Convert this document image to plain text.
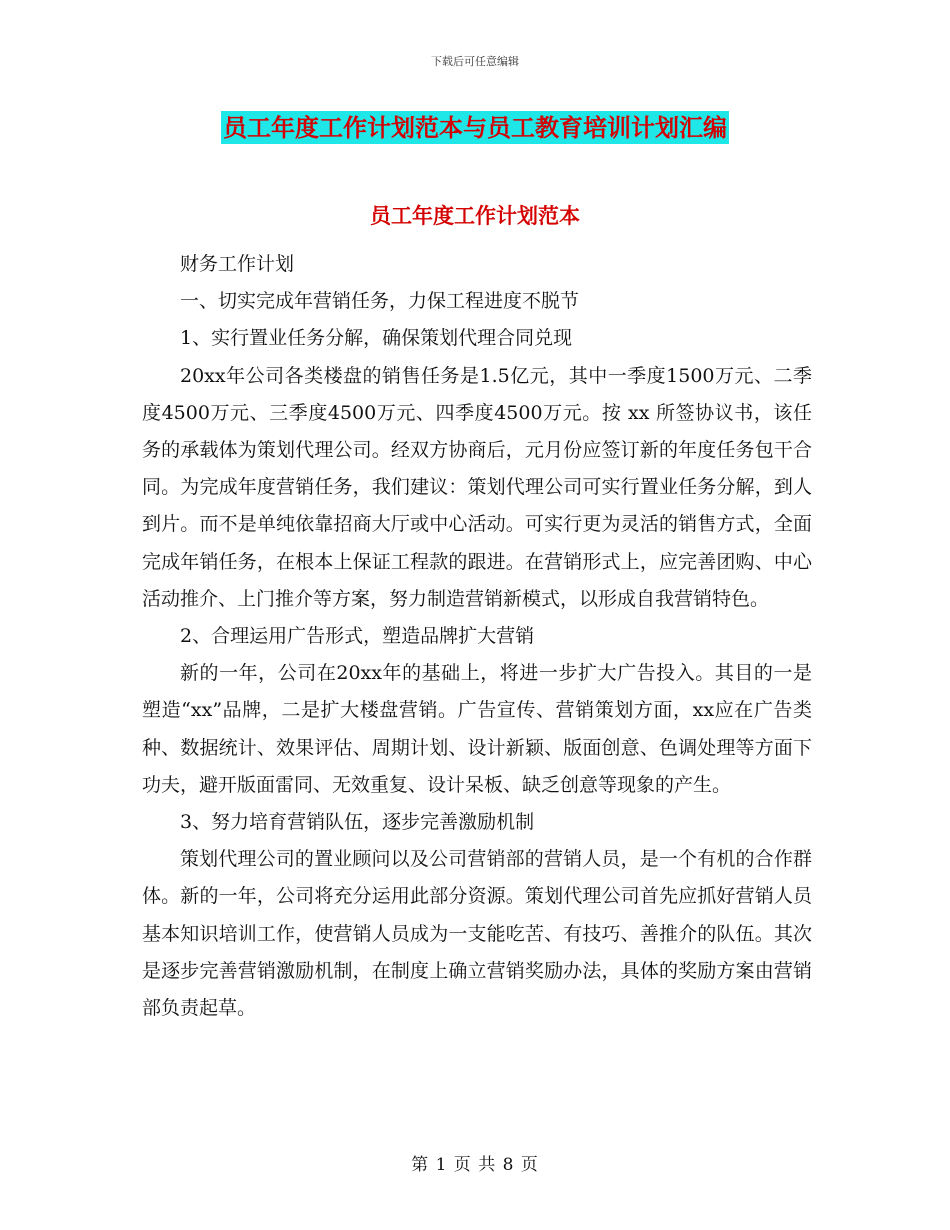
下载后可任意编辑
员工年度工作计划范本与员工教育培训计划汇编
员工年度工作计划范本

财务工作计划

一、切实完成年营销任务，力保工程进度不脱节

1、实行置业任务分解，确保策划代理合同兑现

20xx年公司各类楼盘的销售任务是1.5亿元，其中一季度1500万元、二季度4500万元、三季度4500万元、四季度4500万元。按 xx 所签协议书，该任务的承载体为策划代理公司。经双方协商后，元月份应签订新的年度任务包干合同。为完成年度营销任务，我们建议：策划代理公司可实行置业任务分解，到人到片。而不是单纯依靠招商大厅或中心活动。可实行更为灵活的销售方式，全面完成年销任务，在根本上保证工程款的跟进。在营销形式上，应完善团购、中心活动推介、上门推介等方案，努力制造营销新模式，以形成自我营销特色。

2、合理运用广告形式，塑造品牌扩大营销

新的一年，公司在20xx年的基础上，将进一步扩大广告投入。其目的一是塑造“xx”品牌，二是扩大楼盘营销。广告宣传、营销策划方面，xx应在广告类种、数据统计、效果评估、周期计划、设计新颖、版面创意、色调处理等方面下功夫，避开版面雷同、无效重复、设计呆板、缺乏创意等现象的产生。

3、努力培育营销队伍，逐步完善激励机制

策划代理公司的置业顾问以及公司营销部的营销人员，是一个有机的合作群体。新的一年，公司将充分运用此部分资源。策划代理公司首先应抓好营销人员基本知识培训工作，使营销人员成为一支能吃苦、有技巧、善推介的队伍。其次是逐步完善营销激励机制，在制度上确立营销奖励办法，具体的奖励方案由营销部负责起草。

第 1 页 共 8 页
